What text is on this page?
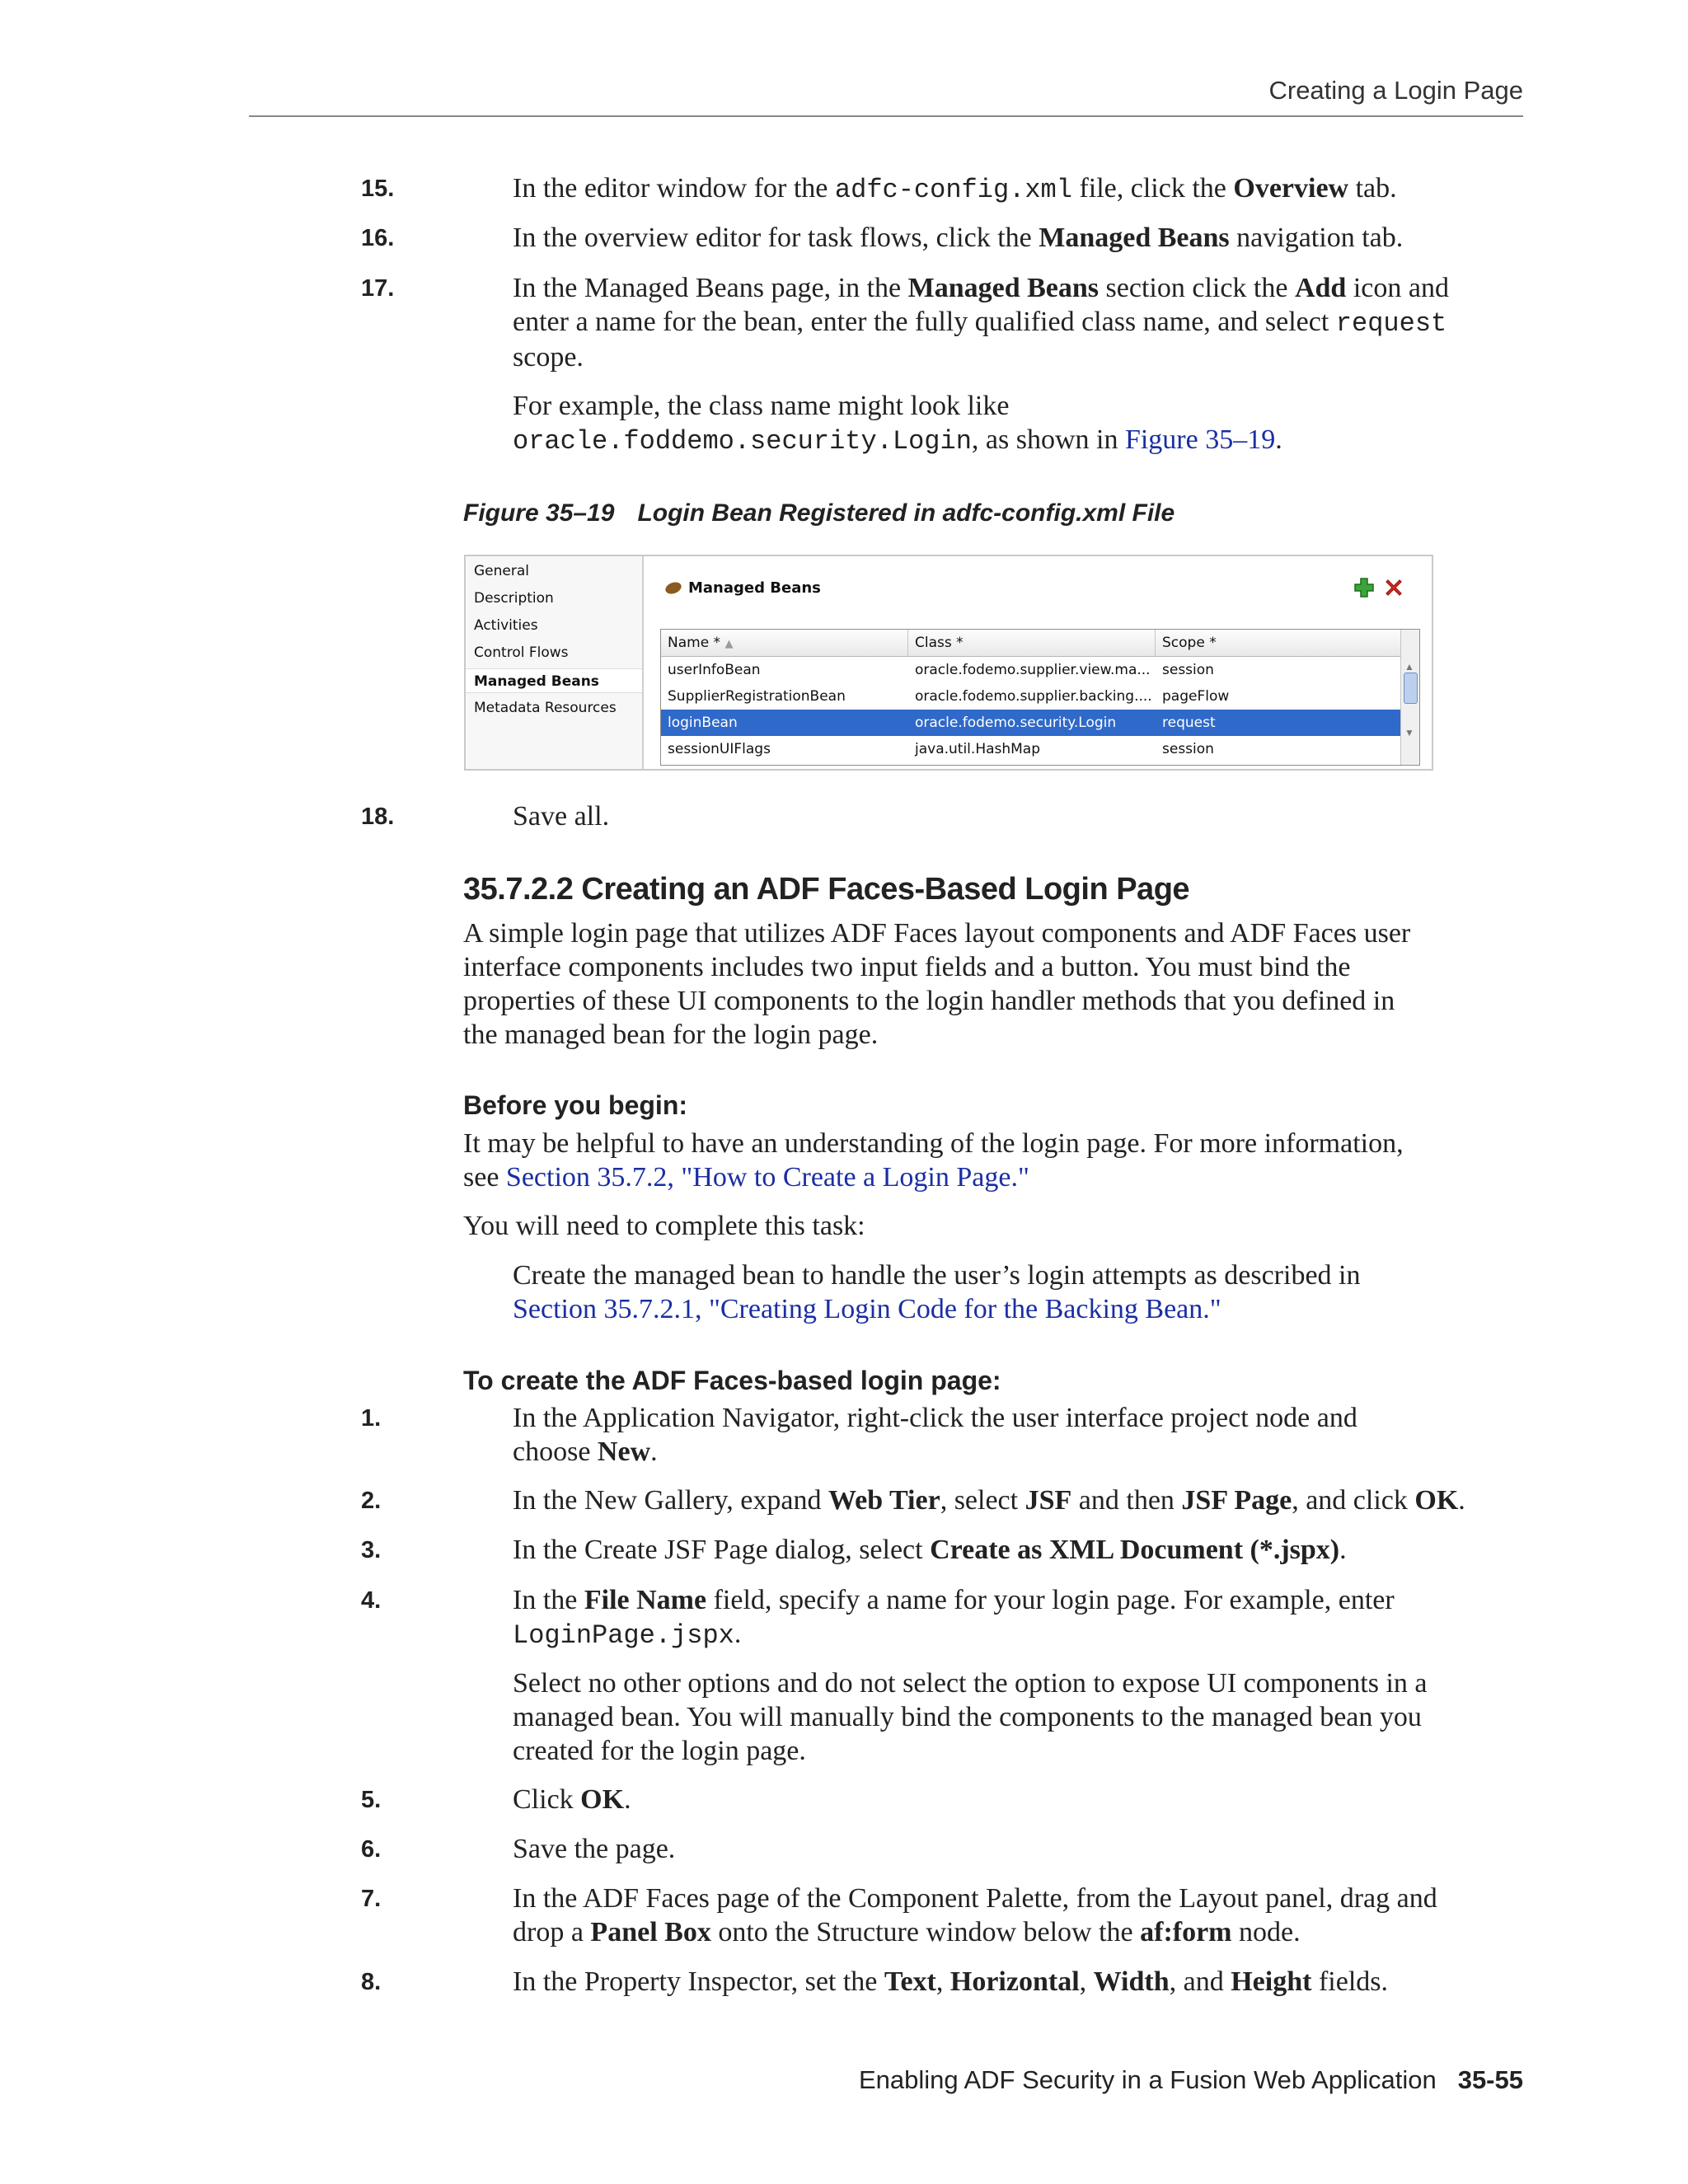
Creating a Login Page
15.	In the editor window for the adfc-config.xml file, click the Overview tab.
16.	In the overview editor for task flows, click the Managed Beans navigation tab.
17.	In the Managed Beans page, in the Managed Beans section click the Add icon and
enter a name for the bean, enter the fully qualified class name, and select request
scope.
For example, the class name might look like
oracle.foddemo.security.Login, as shown in Figure 35–19.
Figure 35–19 Login Bean Registered in adfc-config.xml File
General
Description
Activities
Control Flows
Managed Beans
Metadata Resources
Managed Beans
Name * ▲	Class *	Scope *
userInfoBean	oracle.fodemo.supplier.view.ma... session
SupplierRegistrationBean	oracle.fodemo.supplier.backing.... pageFlow
loginBean	oracle.fodemo.security.Login	request
sessionUIFlags	java.util.HashMap	session
▲
▼
18.	Save all.
35.7.2.2 Creating an ADF Faces-Based Login Page
A simple login page that utilizes ADF Faces layout components and ADF Faces user
interface components includes two input fields and a button. You must bind the
properties of these UI components to the login handler methods that you defined in
the managed bean for the login page.
Before you begin:
It may be helpful to have an understanding of the login page. For more information,
see Section 35.7.2, "How to Create a Login Page."
You will need to complete this task:
Create the managed bean to handle the user’s login attempts as described in
Section 35.7.2.1, "Creating Login Code for the Backing Bean."
To create the ADF Faces-based login page:
1.	In the Application Navigator, right-click the user interface project node and
choose New.
2.	In the New Gallery, expand Web Tier, select JSF and then JSF Page, and click OK.
3.	In the Create JSF Page dialog, select Create as XML Document (*.jspx).
4.	In the File Name field, specify a name for your login page. For example, enter
LoginPage.jspx.
Select no other options and do not select the option to expose UI components in a
managed bean. You will manually bind the components to the managed bean you
created for the login page.
5.	Click OK.
6.	Save the page.
7.	In the ADF Faces page of the Component Palette, from the Layout panel, drag and
drop a Panel Box onto the Structure window below the af:form node.
8.	In the Property Inspector, set the Text, Horizontal, Width, and Height fields.
Enabling ADF Security in a Fusion Web Application 35-55
